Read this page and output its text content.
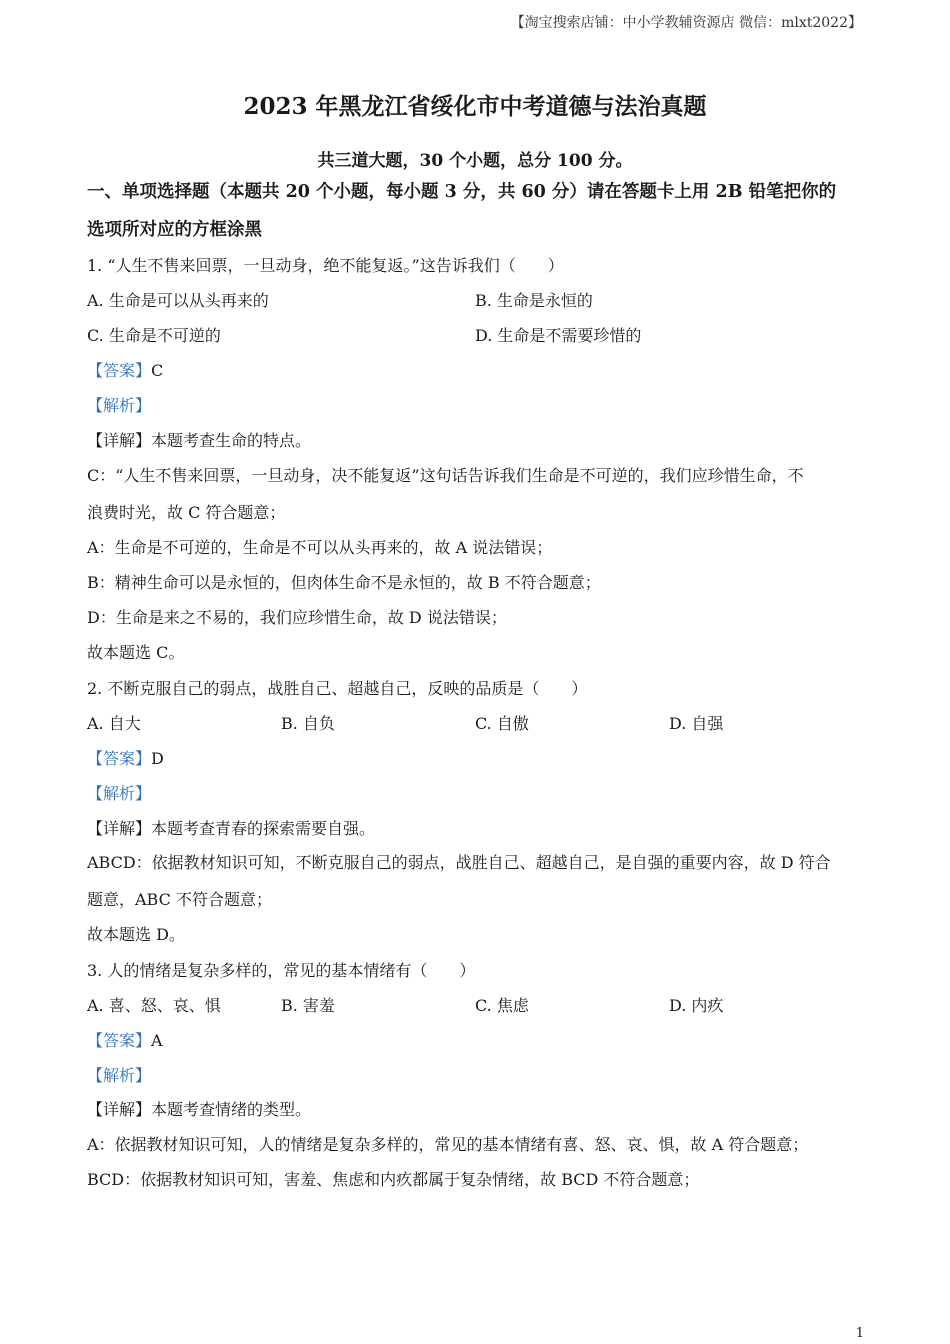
【淘宝搜索店铺：中小学教辅资源店 微信：mlxt2022】
2023 年黑龙江省绥化市中考道德与法治真题
共三道大题，30 个小题，总分 100 分。
一、单项选择题（本题共 20 个小题，每小题 3 分，共 60 分）请在答题卡上用 2B 铅笔把你的
选项所对应的方框涂黑
1. “人生不售来回票，一旦动身，绝不能复返。”这告诉我们（　　）
A. 生命是可以从头再来的	B. 生命是永恒的
C. 生命是不可逆的	D. 生命是不需要珍惜的
【答案】C
【解析】
【详解】本题考查生命的特点。
C：“人生不售来回票，一旦动身，决不能复返”这句话告诉我们生命是不可逆的，我们应珍惜生命，不
浪费时光，故 C 符合题意；
A：生命是不可逆的，生命是不可以从头再来的，故 A 说法错误；
B：精神生命可以是永恒的，但肉体生命不是永恒的，故 B 不符合题意；
D：生命是来之不易的，我们应珍惜生命，故 D 说法错误；
故本题选 C。
2. 不断克服自己的弱点，战胜自己、超越自己，反映的品质是（　　）
A. 自大	B. 自负	C. 自傲	D. 自强
【答案】D
【解析】
【详解】本题考查青春的探索需要自强。
ABCD：依据教材知识可知，不断克服自己的弱点，战胜自己、超越自己，是自强的重要内容，故 D 符合
题意，ABC 不符合题意；
故本题选 D。
3. 人的情绪是复杂多样的，常见的基本情绪有（　　）
A. 喜、怒、哀、惧	B. 害羞	C. 焦虑	D. 内疚
【答案】A
【解析】
【详解】本题考查情绪的类型。
A：依据教材知识可知，人的情绪是复杂多样的，常见的基本情绪有喜、怒、哀、惧，故 A 符合题意；
BCD：依据教材知识可知，害羞、焦虑和内疚都属于复杂情绪，故 BCD 不符合题意；
1
